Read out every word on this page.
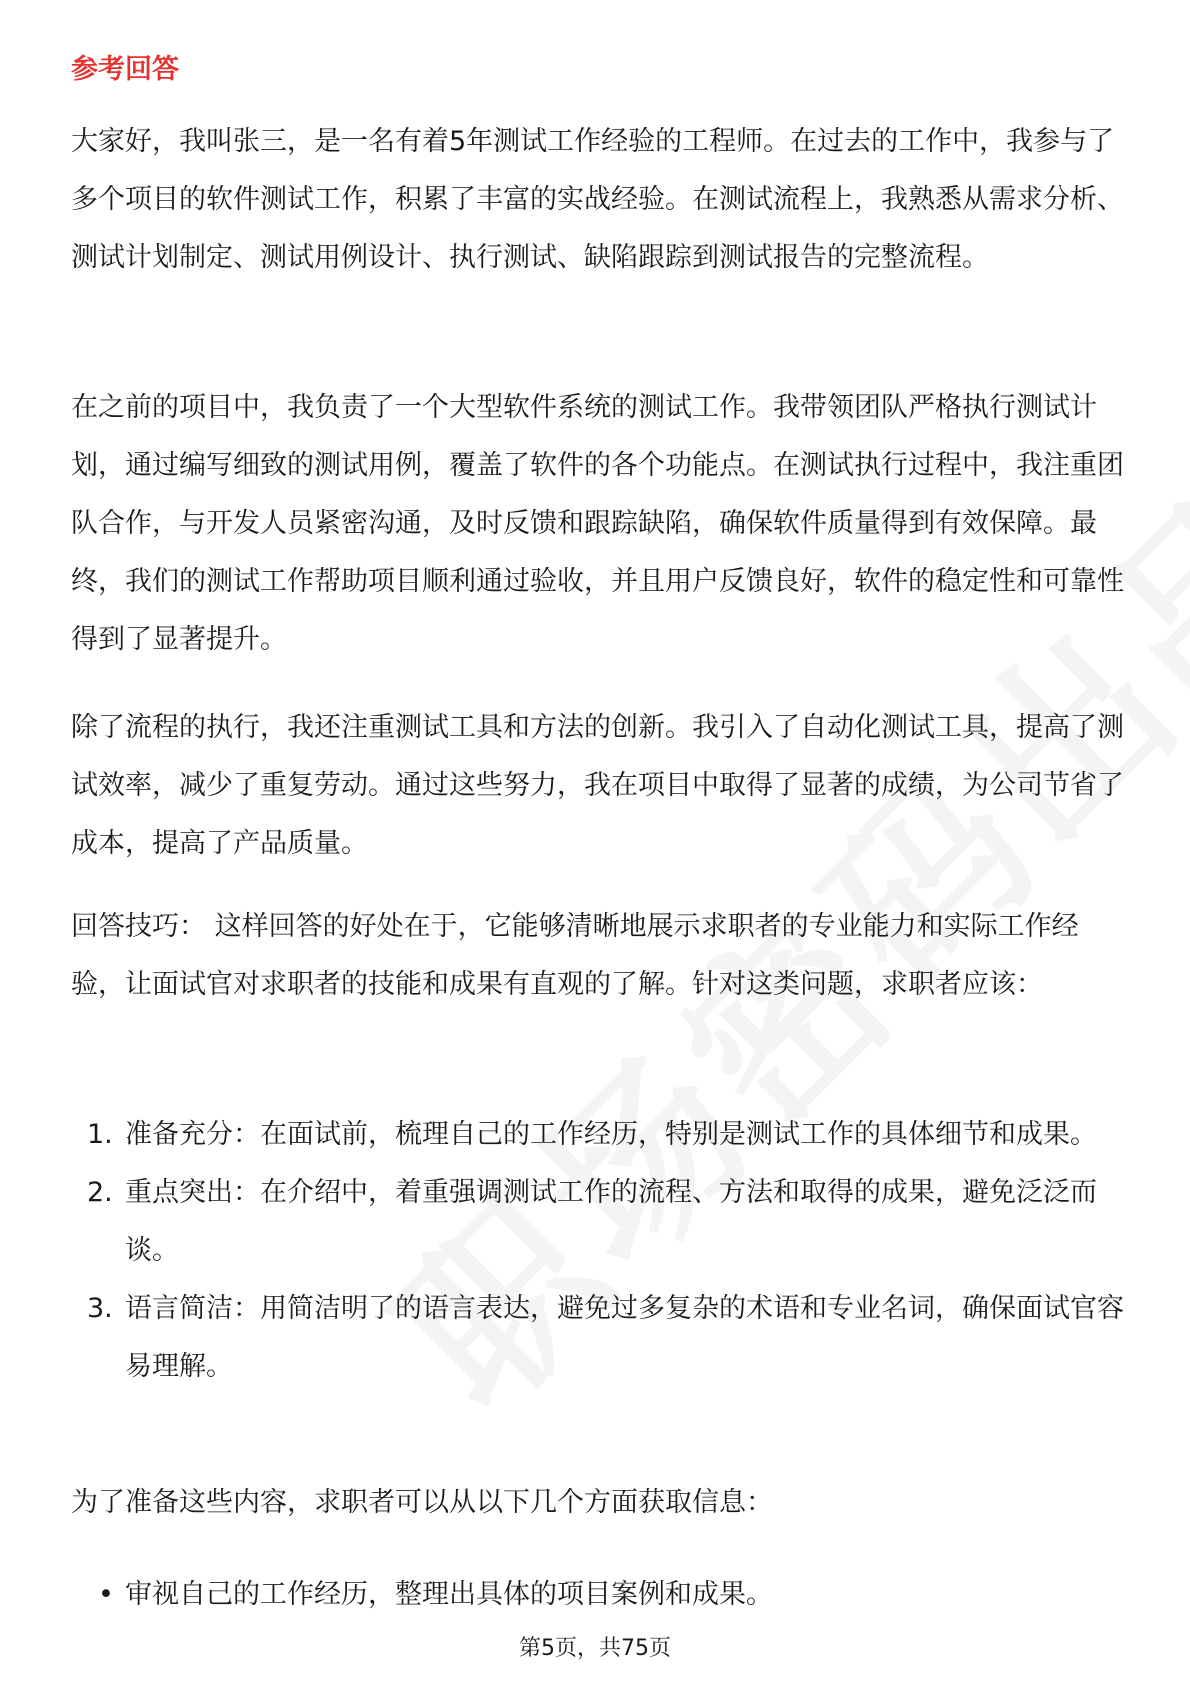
参考回答

大家好，我叫张三，是一名有着5年测试工作经验的工程师。在过去的工作中，我参与了多个项目的软件测试工作，积累了丰富的实战经验。在测试流程上，我熟悉从需求分析、测试计划制定、测试用例设计、执行测试、缺陷跟踪到测试报告的完整流程。

在之前的项目中，我负责了一个大型软件系统的测试工作。我带领团队严格执行测试计划，通过编写细致的测试用例，覆盖了软件的各个功能点。在测试执行过程中，我注重团队合作，与开发人员紧密沟通，及时反馈和跟踪缺陷，确保软件质量得到有效保障。最终，我们的测试工作帮助项目顺利通过验收，并且用户反馈良好，软件的稳定性和可靠性得到了显著提升。

除了流程的执行，我还注重测试工具和方法的创新。我引入了自动化测试工具，提高了测试效率，减少了重复劳动。通过这些努力，我在项目中取得了显著的成绩，为公司节省了成本，提高了产品质量。

回答技巧： 这样回答的好处在于，它能够清晰地展示求职者的专业能力和实际工作经验，让面试官对求职者的技能和成果有直观的了解。针对这类问题，求职者应该：

1. 准备充分：在面试前，梳理自己的工作经历，特别是测试工作的具体细节和成果。
2. 重点突出：在介绍中，着重强调测试工作的流程、方法和取得的成果，避免泛泛而谈。
3. 语言简洁：用简洁明了的语言表达，避免过多复杂的术语和专业名词，确保面试官容易理解。

为了准备这些内容，求职者可以从以下几个方面获取信息：

• 审视自己的工作经历，整理出具体的项目案例和成果。
第5页，共75页
